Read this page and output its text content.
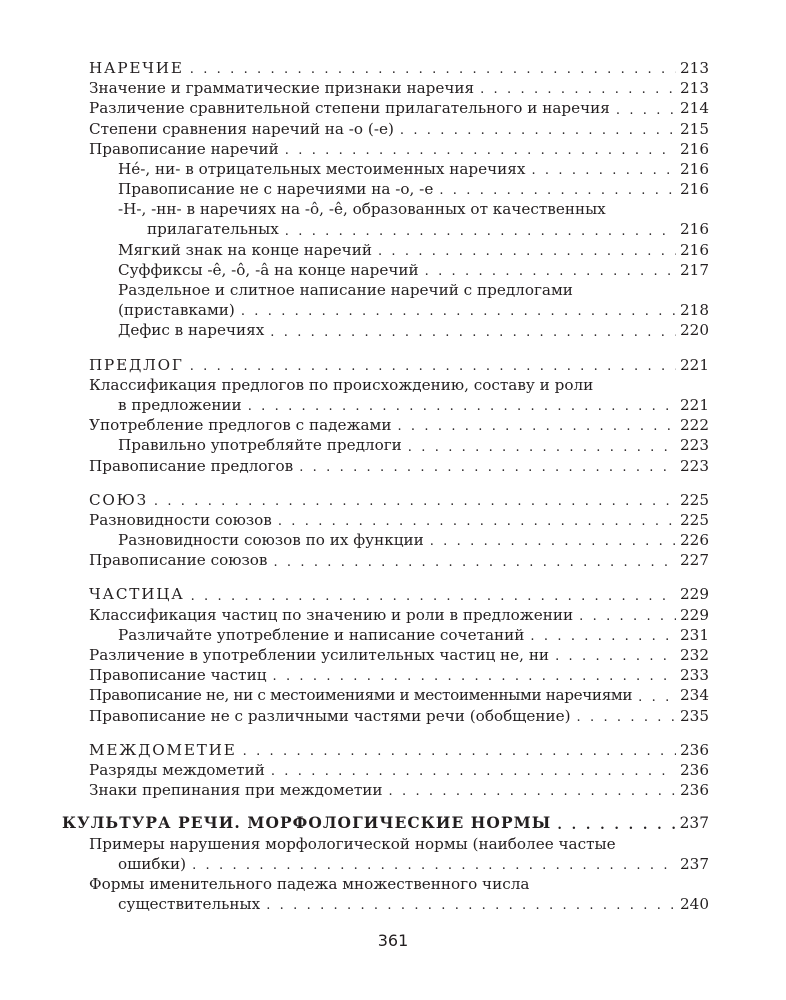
НАРЕЧИЕ . . .	213
Значение и грамматические признаки наречия . . .	213
Различение сравнительной степени прилагательного и наречия . . .	214
Степени сравнения наречий на -о (-е) . . .	215
Правописание наречий . . .	216
Не́-, ни- в отрицательных местоименных наречиях . . .	216
Правописание не с наречиями на -о, -е . . .	216
-Н-, -нн- в наречиях на -о̂, -е̂, образованных от качественных
прилагательных . . .	216
Мягкий знак на конце наречий . . .	216
Суффиксы -е̂, -о̂, -а̂ на конце наречий . . .	217
Раздельное и слитное написание наречий с предлогами
(приставками) . . .	218
Дефис в наречиях . . .	220
ПРЕДЛОГ . . .	221
Классификация предлогов по происхождению, составу и роли
в предложении . . .	221
Употребление предлогов с падежами . . .	222
Правильно употребляйте предлоги . . .	223
Правописание предлогов . . .	223
СОЮЗ . . .	225
Разновидности союзов . . .	225
Разновидности союзов по их функции . . .	226
Правописание союзов . . .	227
ЧАСТИЦА . . .	229
Классификация частиц по значению и роли в предложении . . .	229
Различайте употребление и написание сочетаний . . .	231
Различение в употреблении усилительных частиц не, ни . . .	232
Правописание частиц . . .	233
Правописание не, ни с местоимениями и местоименными наречиями . . .	234
Правописание не с различными частями речи (обобщение) . . .	235
МЕЖДОМЕТИЕ . . .	236
Разряды междометий . . .	236
Знаки препинания при междометии . . .	236
КУЛЬТУРА РЕЧИ. МОРФОЛОГИЧЕСКИЕ НОРМЫ . . .	237
Примеры нарушения морфологической нормы (наиболее частые
ошибки) . . .	237
Формы именительного падежа множественного числа
существительных . . .	240
361
